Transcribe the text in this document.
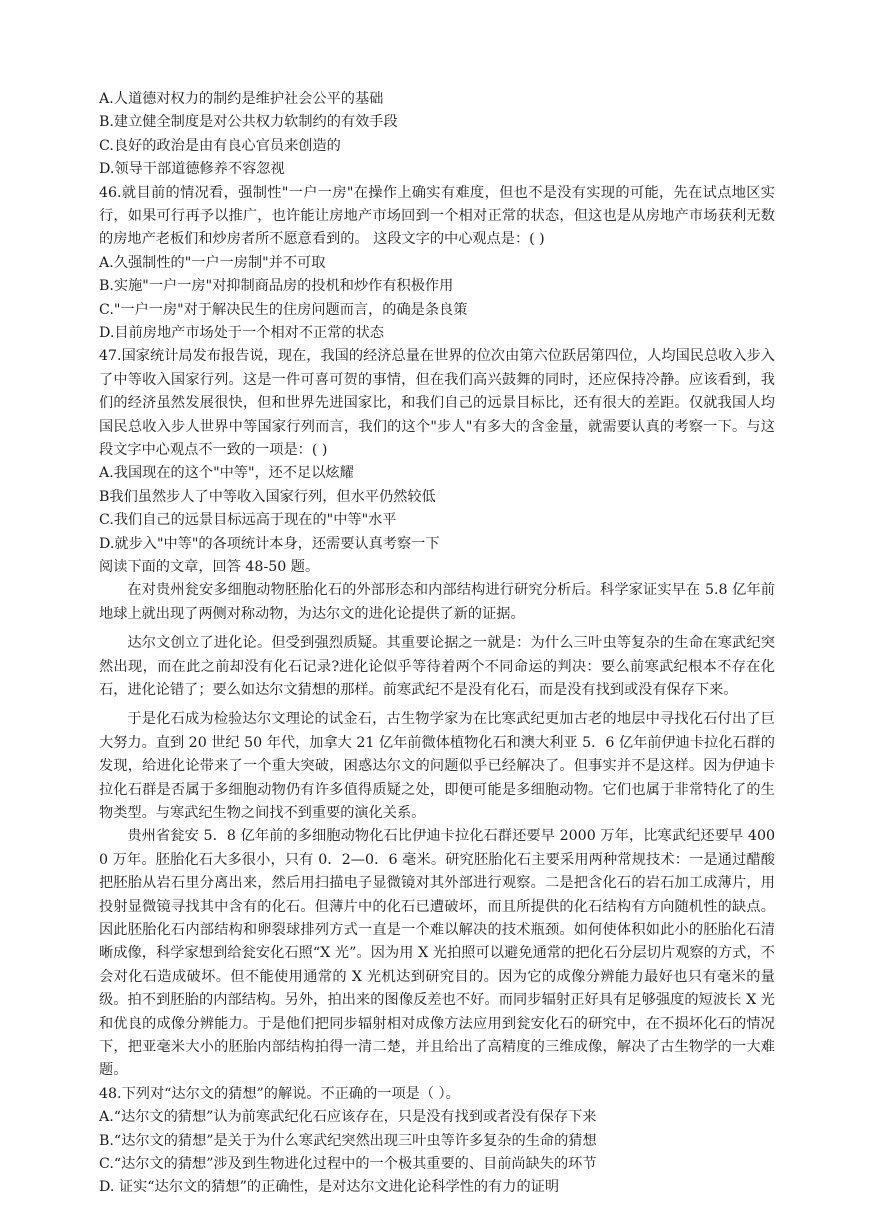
A.人道德对权力的制约是维护社会公平的基础
B.建立健全制度是对公共权力软制约的有效手段
C.良好的政治是由有良心官员来创造的
D.领导干部道德修养不容忽视
46.就目前的情况看，强制性"一户一房"在操作上确实有难度，但也不是没有实现的可能，先在试点地区实行，如果可行再予以推广，也许能让房地产市场回到一个相对正常的状态，但这也是从房地产市场获利无数的房地产老板们和炒房者所不愿意看到的。 这段文字的中心观点是：( )
A.久强制性的"一户一房制"并不可取
B.实施"一户一房"对抑制商品房的投机和炒作有积极作用
C."一户一房"对于解决民生的住房问题而言，的确是条良策
D.目前房地产市场处于一个相对不正常的状态
47.国家统计局发布报告说，现在，我国的经济总量在世界的位次由第六位跃居第四位，人均国民总收入步入了中等收入国家行列。这是一件可喜可贺的事情，但在我们高兴鼓舞的同时，还应保持冷静。应该看到，我们的经济虽然发展很快，但和世界先进国家比，和我们自己的远景目标比，还有很大的差距。仅就我国人均国民总收入步人世界中等国家行列而言，我们的这个"步人"有多大的含金量，就需要认真的考察一下。与这段文字中心观点不一致的一项是：( )
A.我国现在的这个"中等"，还不足以炫耀
B我们虽然步人了中等收入国家行列，但水平仍然较低
C.我们自己的远景目标远高于现在的"中等"水平
D.就步入"中等"的各项统计本身，还需要认真考察一下
阅读下面的文章，回答 48-50 题。
在对贵州瓮安多细胞动物胚胎化石的外部形态和内部结构进行研究分析后。科学家证实早在 5.8 亿年前地球上就出现了两侧对称动物，为达尔文的进化论提供了新的证据。
达尔文创立了进化论。但受到强烈质疑。其重要论据之一就是：为什么三叶虫等复杂的生命在寒武纪突然出现，而在此之前却没有化石记录?进化论似乎等待着两个不同命运的判决：要么前寒武纪根本不存在化石，进化论错了；要么如达尔文猜想的那样。前寒武纪不是没有化石，而是没有找到或没有保存下来。
于是化石成为检验达尔文理论的试金石，古生物学家为在比寒武纪更加古老的地层中寻找化石付出了巨大努力。直到 20 世纪 50 年代，加拿大 21 亿年前微体植物化石和澳大利亚 5．6 亿年前伊迪卡拉化石群的发现，给进化论带来了一个重大突破，困惑达尔文的问题似乎已经解决了。但事实并不是这样。因为伊迪卡拉化石群是否属于多细胞动物仍有许多值得质疑之处，即便可能是多细胞动物。它们也属于非常特化了的生物类型。与寒武纪生物之间找不到重要的演化关系。
贵州省瓮安 5．8 亿年前的多细胞动物化石比伊迪卡拉化石群还要早 2000 万年，比寒武纪还要早 4000 万年。胚胎化石大多很小，只有 0．2—0．6 毫米。研究胚胎化石主要采用两种常规技术：一是通过醋酸把胚胎从岩石里分离出来，然后用扫描电子显微镜对其外部进行观察。二是把含化石的岩石加工成薄片，用投射显微镜寻找其中含有的化石。但薄片中的化石已遭破坏，而且所提供的化石结构有方向随机性的缺点。因此胚胎化石内部结构和卵裂球排列方式一直是一个难以解决的技术瓶颈。如何使体积如此小的胚胎化石清晰成像，科学家想到给瓮安化石照“X 光”。因为用 X 光拍照可以避免通常的把化石分层切片观察的方式，不会对化石造成破坏。但不能使用通常的 X 光机达到研究目的。因为它的成像分辨能力最好也只有毫米的量级。拍不到胚胎的内部结构。另外，拍出来的图像反差也不好。而同步辐射正好具有足够强度的短波长 X 光和优良的成像分辨能力。于是他们把同步辐射相对成像方法应用到瓮安化石的研究中，在不损坏化石的情况下，把亚毫米大小的胚胎内部结构拍得一清二楚，并且给出了高精度的三维成像，解决了古生物学的一大难题。
48.下列对“达尔文的猜想”的解说。不正确的一项是（ ）。
A.“达尔文的猜想”认为前寒武纪化石应该存在，只是没有找到或者没有保存下来
B.“达尔文的猜想”是关于为什么寒武纪突然出现三叶虫等许多复杂的生命的猜想
C.“达尔文的猜想”涉及到生物进化过程中的一个极其重要的、目前尚缺失的环节
D. 证实“达尔文的猜想”的正确性，是对达尔文进化论科学性的有力的证明
